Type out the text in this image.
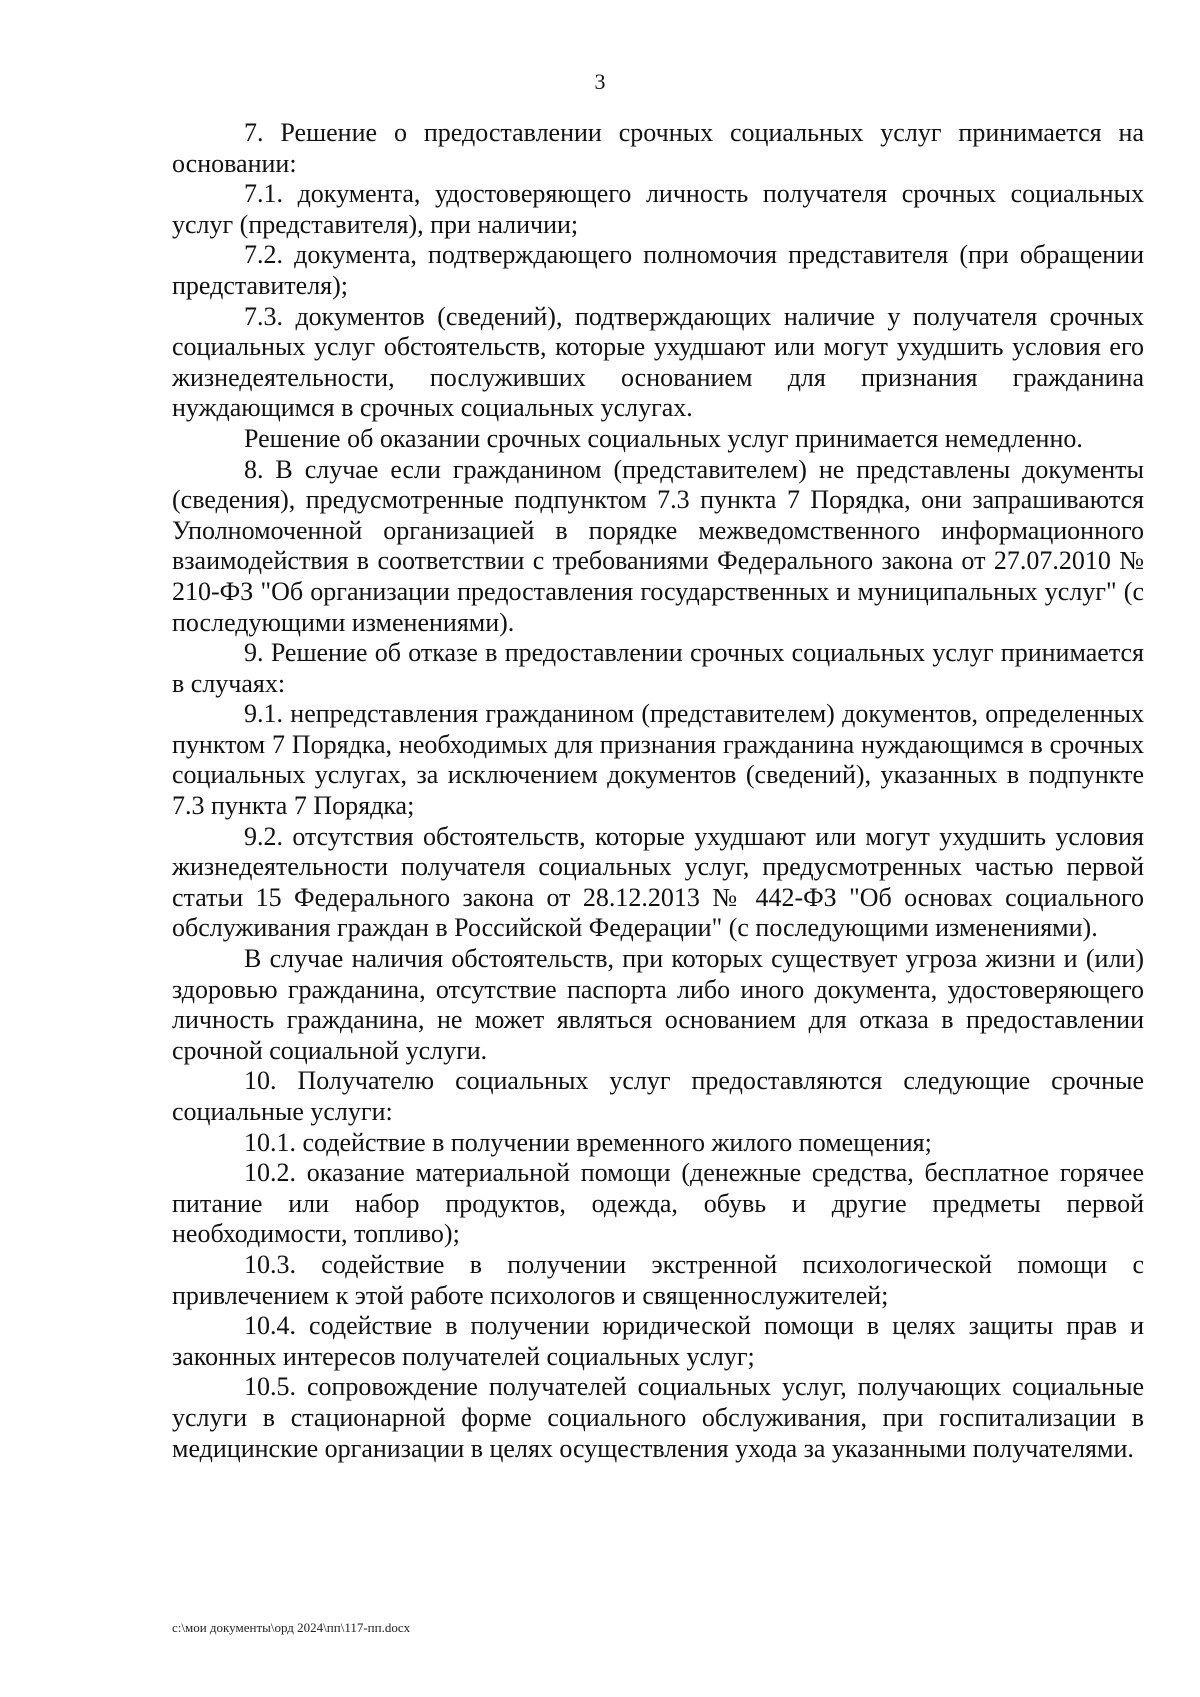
3

7. Решение о предоставлении срочных социальных услуг принимается на основании:

7.1. документа, удостоверяющего личность получателя срочных социальных услуг (представителя), при наличии;

7.2. документа, подтверждающего полномочия представителя (при обращении представителя);

7.3. документов (сведений), подтверждающих наличие у получателя срочных социальных услуг обстоятельств, которые ухудшают или могут ухудшить условия его жизнедеятельности, послуживших основанием для признания гражданина нуждающимся в срочных социальных услугах.

Решение об оказании срочных социальных услуг принимается немедленно.

8. В случае если гражданином (представителем) не представлены документы (сведения), предусмотренные подпунктом 7.3 пункта 7 Порядка, они запрашиваются Уполномоченной организацией в порядке межведомственного информационного взаимодействия в соответствии с требованиями Федерального закона от 27.07.2010 № 210-ФЗ "Об организации предоставления государственных и муниципальных услуг" (с последующими изменениями).

9. Решение об отказе в предоставлении срочных социальных услуг принимается в случаях:

9.1. непредставления гражданином (представителем) документов, определенных пунктом 7 Порядка, необходимых для признания гражданина нуждающимся в срочных социальных услугах, за исключением документов (сведений), указанных в подпункте 7.3 пункта 7 Порядка;

9.2. отсутствия обстоятельств, которые ухудшают или могут ухудшить условия жизнедеятельности получателя социальных услуг, предусмотренных частью первой статьи 15 Федерального закона от 28.12.2013 № 442-ФЗ "Об основах социального обслуживания граждан в Российской Федерации" (с последующими изменениями).

В случае наличия обстоятельств, при которых существует угроза жизни и (или) здоровью гражданина, отсутствие паспорта либо иного документа, удостоверяющего личность гражданина, не может являться основанием для отказа в предоставлении срочной социальной услуги.

10. Получателю социальных услуг предоставляются следующие срочные социальные услуги:

10.1. содействие в получении временного жилого помещения;

10.2. оказание материальной помощи (денежные средства, бесплатное горячее питание или набор продуктов, одежда, обувь и другие предметы первой необходимости, топливо);

10.3. содействие в получении экстренной психологической помощи с привлечением к этой работе психологов и священнослужителей;

10.4. содействие в получении юридической помощи в целях защиты прав и законных интересов получателей социальных услуг;

10.5. сопровождение получателей социальных услуг, получающих социальные услуги в стационарной форме социального обслуживания, при госпитализации в медицинские организации в целях осуществления ухода за указанными получателями.

c:\мои документы\орд 2024\пп\117-пп.docx
